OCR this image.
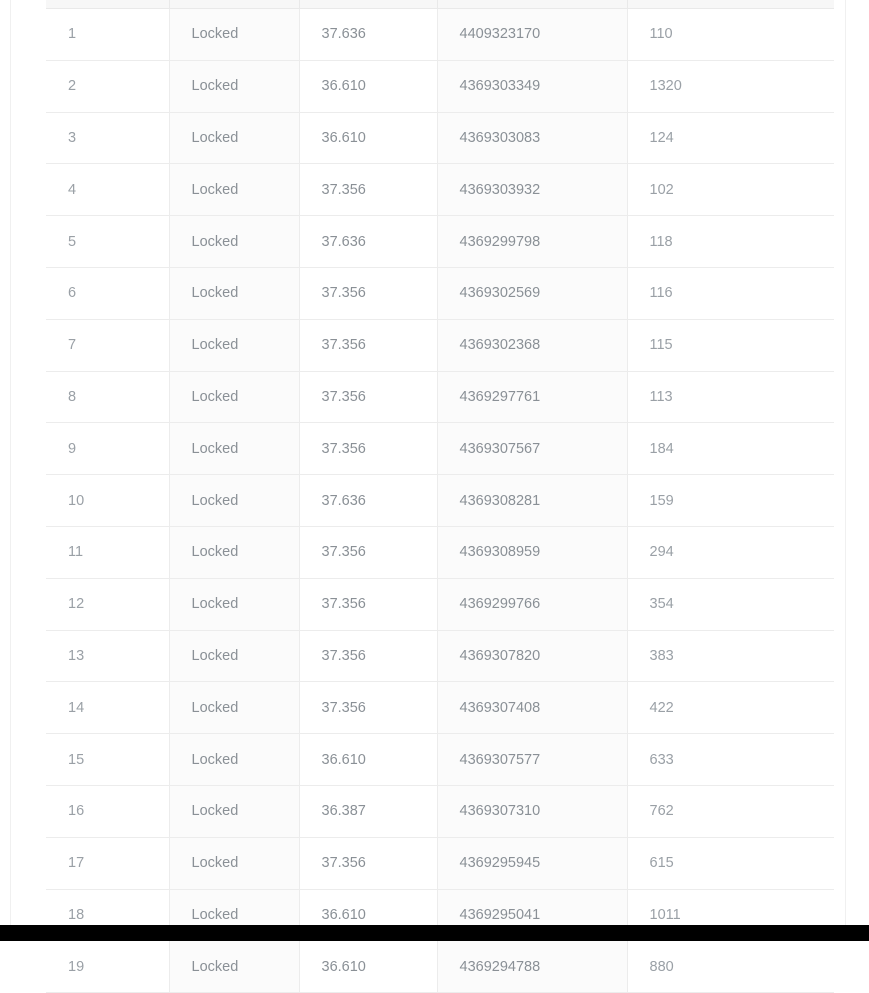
1	Locked	37.636	4409323170	110
2	Locked	36.610	4369303349	1320
3	Locked	36.610	4369303083	124
4	Locked	37.356	4369303932	102
5	Locked	37.636	4369299798	118
6	Locked	37.356	4369302569	116
7	Locked	37.356	4369302368	115
8	Locked	37.356	4369297761	113
9	Locked	37.356	4369307567	184
10	Locked	37.636	4369308281	159
11	Locked	37.356	4369308959	294
12	Locked	37.356	4369299766	354
13	Locked	37.356	4369307820	383
14	Locked	37.356	4369307408	422
15	Locked	36.610	4369307577	633
16	Locked	36.387	4369307310	762
17	Locked	37.356	4369295945	615
18	Locked	36.610	4369295041	1011
19	Locked	36.610	4369294788	880
